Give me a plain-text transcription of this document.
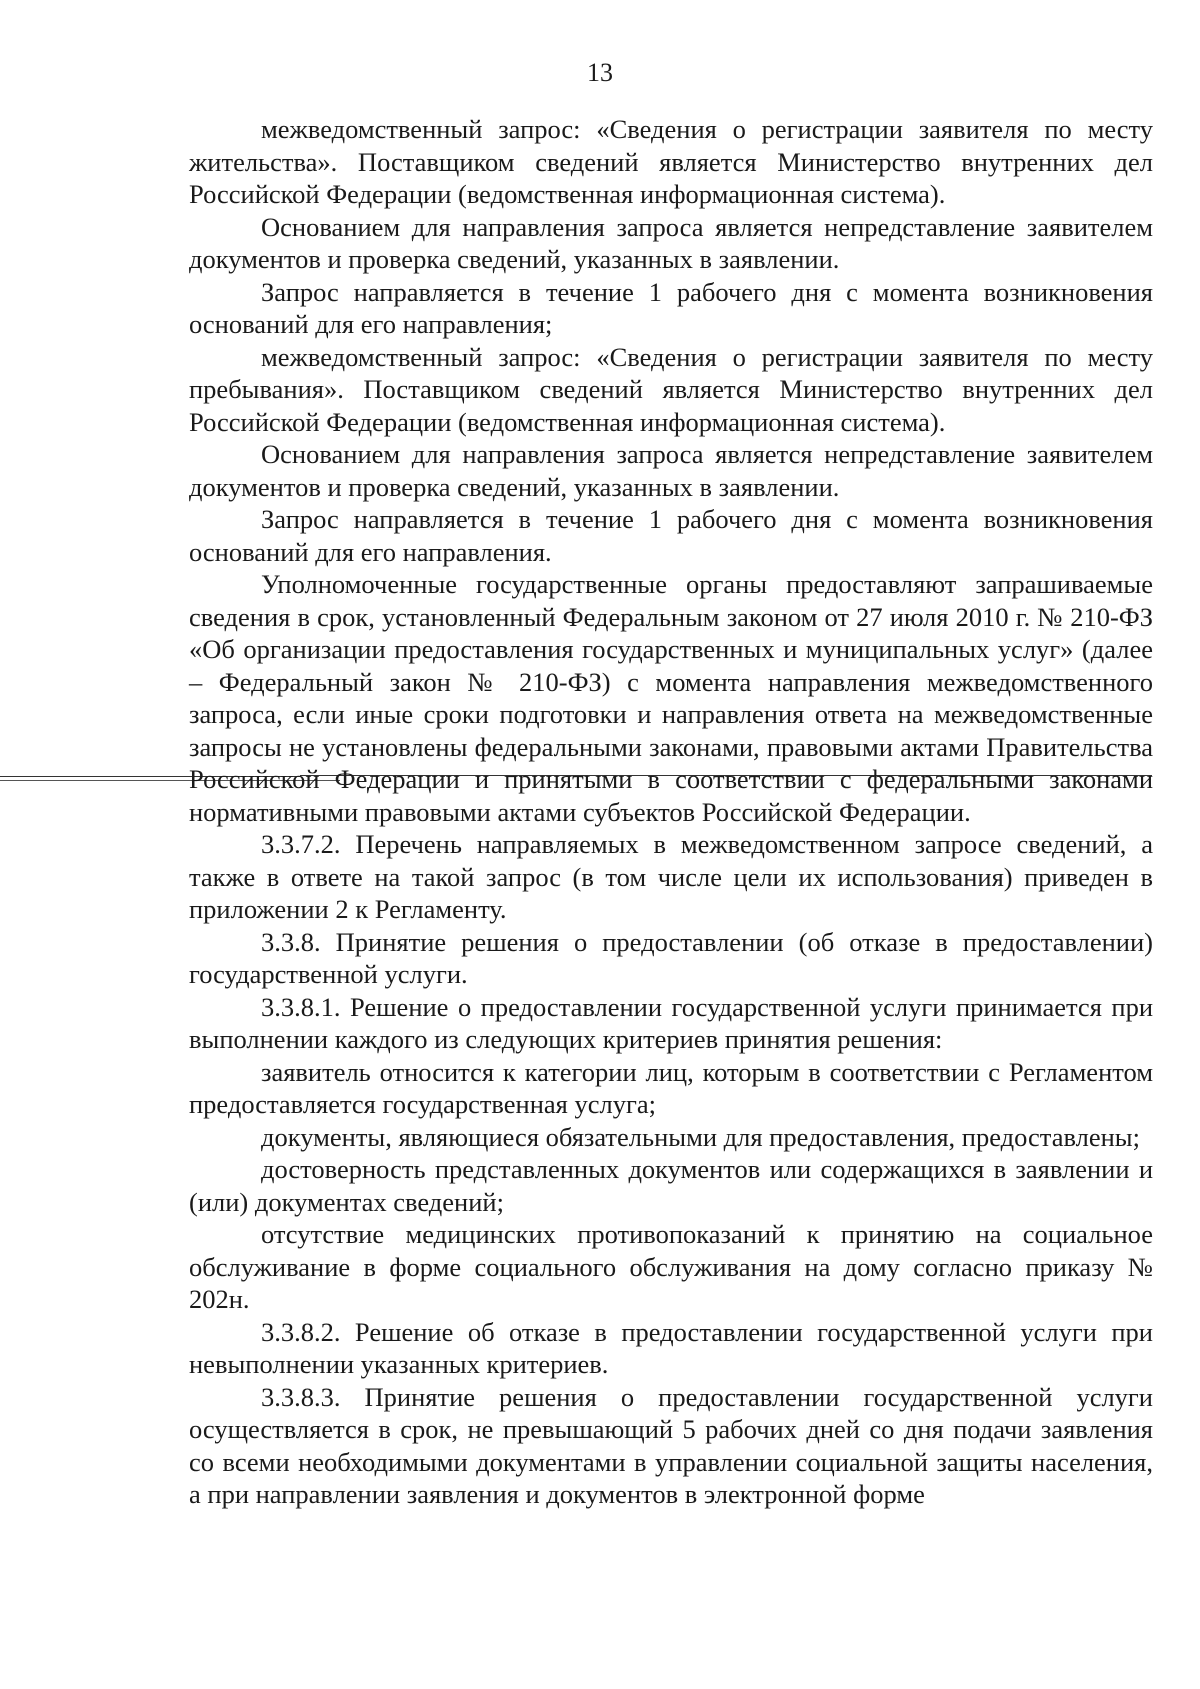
13

межведомственный запрос: «Сведения о регистрации заявителя по месту жительства». Поставщиком сведений является Министерство внутренних дел Российской Федерации (ведомственная информационная система).

Основанием для направления запроса является непредставление заявителем документов и проверка сведений, указанных в заявлении.

Запрос направляется в течение 1 рабочего дня с момента возникновения оснований для его направления;

межведомственный запрос: «Сведения о регистрации заявителя по месту пребывания». Поставщиком сведений является Министерство внутренних дел Российской Федерации (ведомственная информационная система).

Основанием для направления запроса является непредставление заявителем документов и проверка сведений, указанных в заявлении.

Запрос направляется в течение 1 рабочего дня с момента возникновения оснований для его направления.

Уполномоченные государственные органы предоставляют запрашиваемые сведения в срок, установленный Федеральным законом от 27 июля 2010 г. № 210-ФЗ «Об организации предоставления государственных и муниципальных услуг» (далее – Федеральный закон № 210-ФЗ) с момента направления межведомственного запроса, если иные сроки подготовки и направления ответа на межведомственные запросы не установлены федеральными законами, правовыми актами Правительства Российской Федерации и принятыми в соответствии с федеральными законами нормативными правовыми актами субъектов Российской Федерации.

3.3.7.2. Перечень направляемых в межведомственном запросе сведений, а также в ответе на такой запрос (в том числе цели их использования) приведен в приложении 2 к Регламенту.

3.3.8. Принятие решения о предоставлении (об отказе в предоставлении) государственной услуги.

3.3.8.1. Решение о предоставлении государственной услуги принимается при выполнении каждого из следующих критериев принятия решения:

заявитель относится к категории лиц, которым в соответствии с Регламентом предоставляется государственная услуга;

документы, являющиеся обязательными для предоставления, предоставлены;

достоверность представленных документов или содержащихся в заявлении и (или) документах сведений;

отсутствие медицинских противопоказаний к принятию на социальное обслуживание в форме социального обслуживания на дому согласно приказу № 202н.

3.3.8.2. Решение об отказе в предоставлении государственной услуги при невыполнении указанных критериев.

3.3.8.3. Принятие решения о предоставлении государственной услуги осуществляется в срок, не превышающий 5 рабочих дней со дня подачи заявления со всеми необходимыми документами в управлении социальной защиты населения, а при направлении заявления и документов в электронной форме
